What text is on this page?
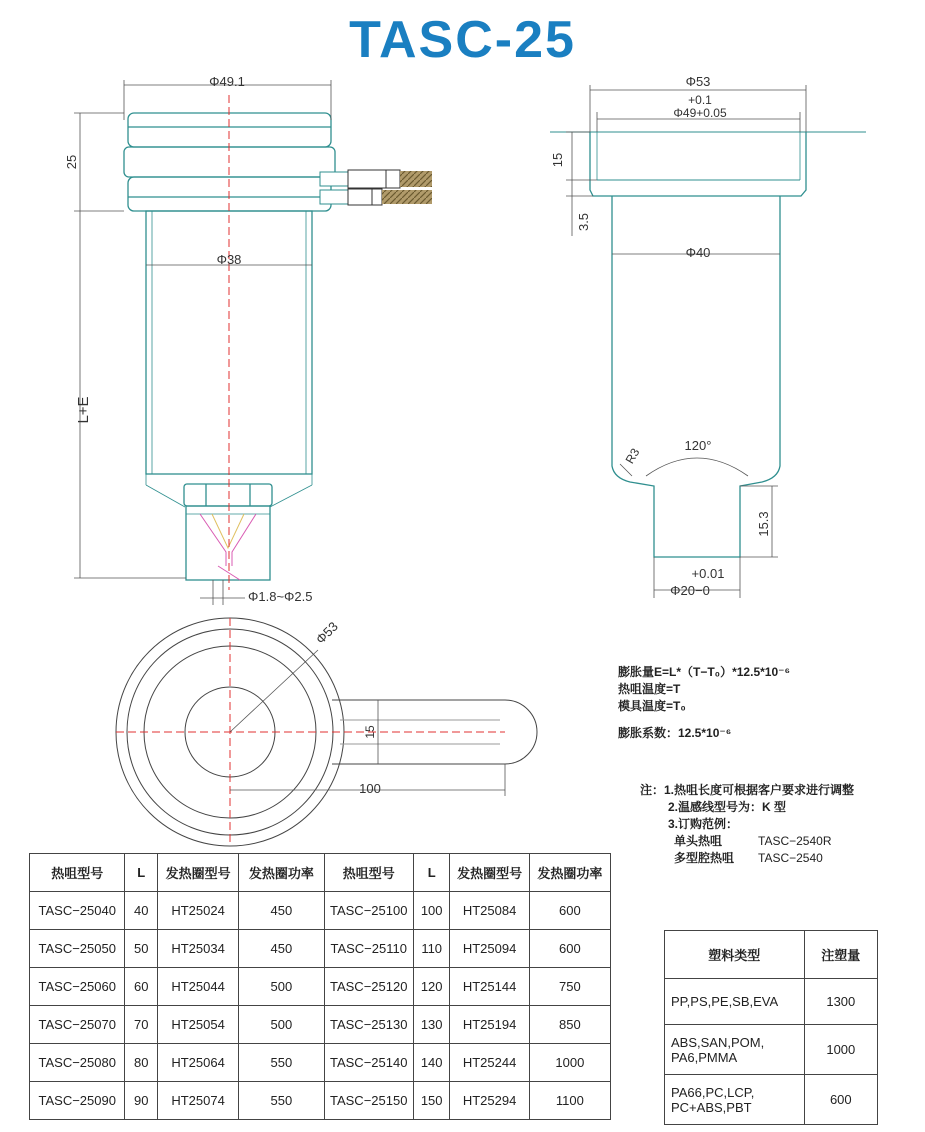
TASC-25
Φ49.1
25
Φ38
L+E
Φ1.8~Φ2.5
Φ53
+0.1
Φ49+0.05
15
3.5
Φ40
R3
120°
15.3
+0.01
Φ20−0
Φ53
15
100
膨胀量E=L*（T−T₀）*12.5*10⁻⁶
热咀温度=T
模具温度=T₀
膨胀系数：12.5*10⁻⁶
注：1.热咀长度可根据客户要求进行调整
2.温感线型号为：K 型
3.订购范例：
单头热咀	TASC−2540R
多型腔热咀 TASC−2540
热咀型号	L	发热圈型号	发热圈功率	热咀型号	L	发热圈型号	发热圈功率
TASC−25040	40	HT25024	450	TASC−25100	100	HT25084	600
TASC−25050	50	HT25034	450	TASC−25110	110	HT25094	600
TASC−25060	60	HT25044	500	TASC−25120	120	HT25144	750
TASC−25070	70	HT25054	500	TASC−25130	130	HT25194	850
TASC−25080	80	HT25064	550	TASC−25140	140	HT25244	1000
TASC−25090	90	HT25074	550	TASC−25150	150	HT25294	1100
塑料类型	注塑量
PP,PS,PE,SB,EVA	1300

ABS,SAN,POM,
PA6,PMMA	1000

PA66,PC,LCP,
PC+ABS,PBT	600
